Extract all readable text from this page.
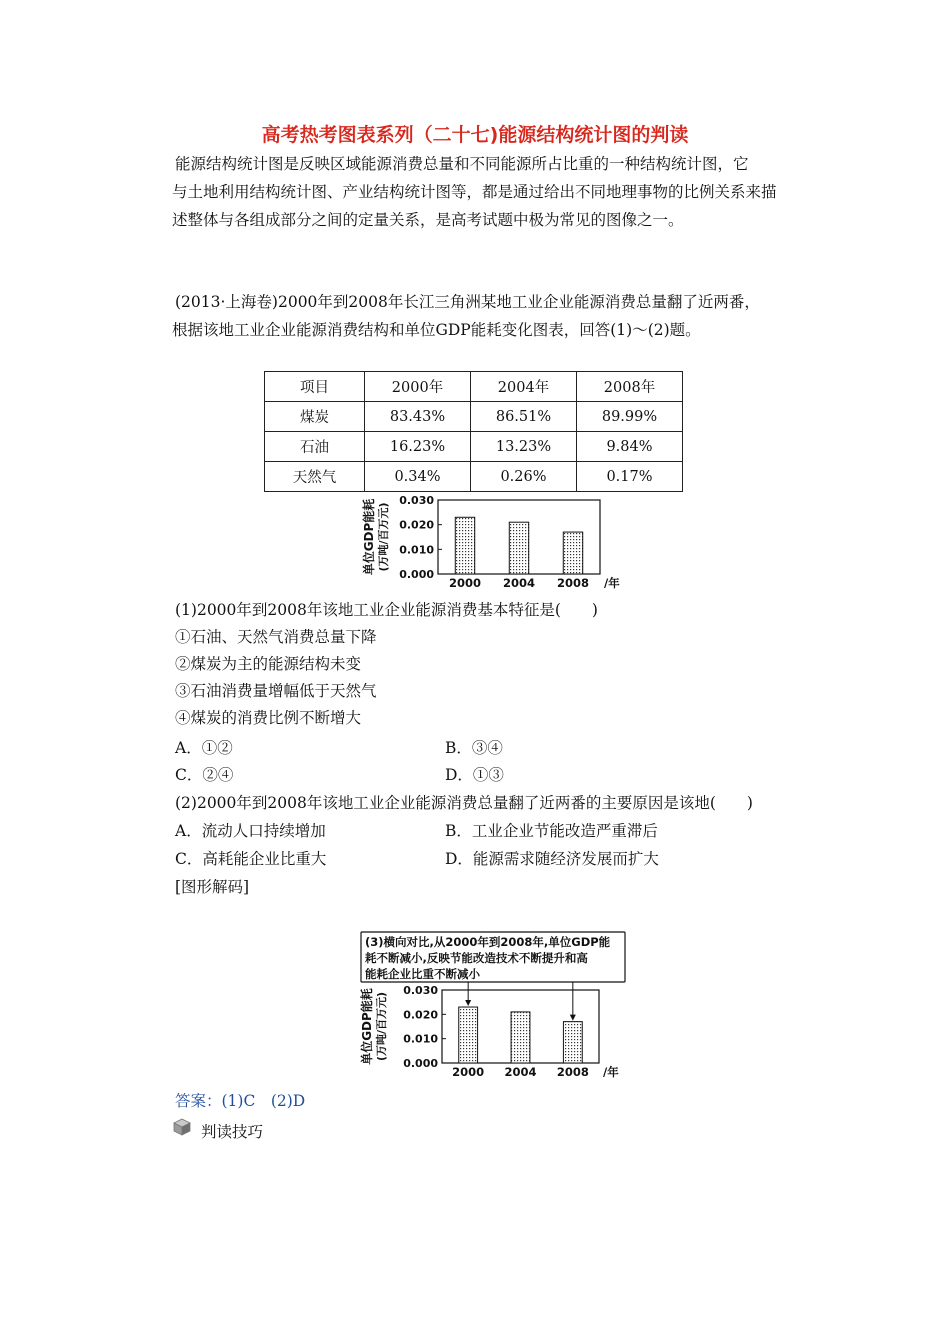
高考热考图表系列（二十七)能源结构统计图的判读
能源结构统计图是反映区域能源消费总量和不同能源所占比重的一种结构统计图，它
与土地利用结构统计图、产业结构统计图等，都是通过给出不同地理事物的比例关系来描
述整体与各组成部分之间的定量关系，是高考试题中极为常见的图像之一。
(2013·上海卷)2000年到2008年长江三角洲某地工业企业能源消费总量翻了近两番，
根据该地工业企业能源消费结构和单位GDP能耗变化图表，回答(1)～(2)题。
项目	2000年	2004年	2008年
煤炭	83.43%	86.51%	89.99%
石油	16.23%	13.23%	9.84%
天然气	0.34%	0.26%	0.17%
单位GDP能耗 (万吨/百万元)
0.030
0.020
0.010
0.000
2000 2004 2008 /年
(1)2000年到2008年该地工业企业能源消费基本特征是(　　)
①石油、天然气消费总量下降
②煤炭为主的能源结构未变
③石油消费量增幅低于天然气
④煤炭的消费比例不断增大
A．①②	B．③④
C．②④	D．①③
(2)2000年到2008年该地工业企业能源消费总量翻了近两番的主要原因是该地(　　)
A．流动人口持续增加	B．工业企业节能改造严重滞后
C．高耗能企业比重大	D．能源需求随经济发展而扩大
[图形解码]
单位GDP能耗 (万吨/百万元)
0.030
0.020
0.010
0.000
2000 2004 2008 /年
(3)横向对比,从2000年到2008年,单位GDP能
耗不断减小,反映节能改造技术不断提升和高
能耗企业比重不断减小
答案：(1)C　(2)D
判读技巧
